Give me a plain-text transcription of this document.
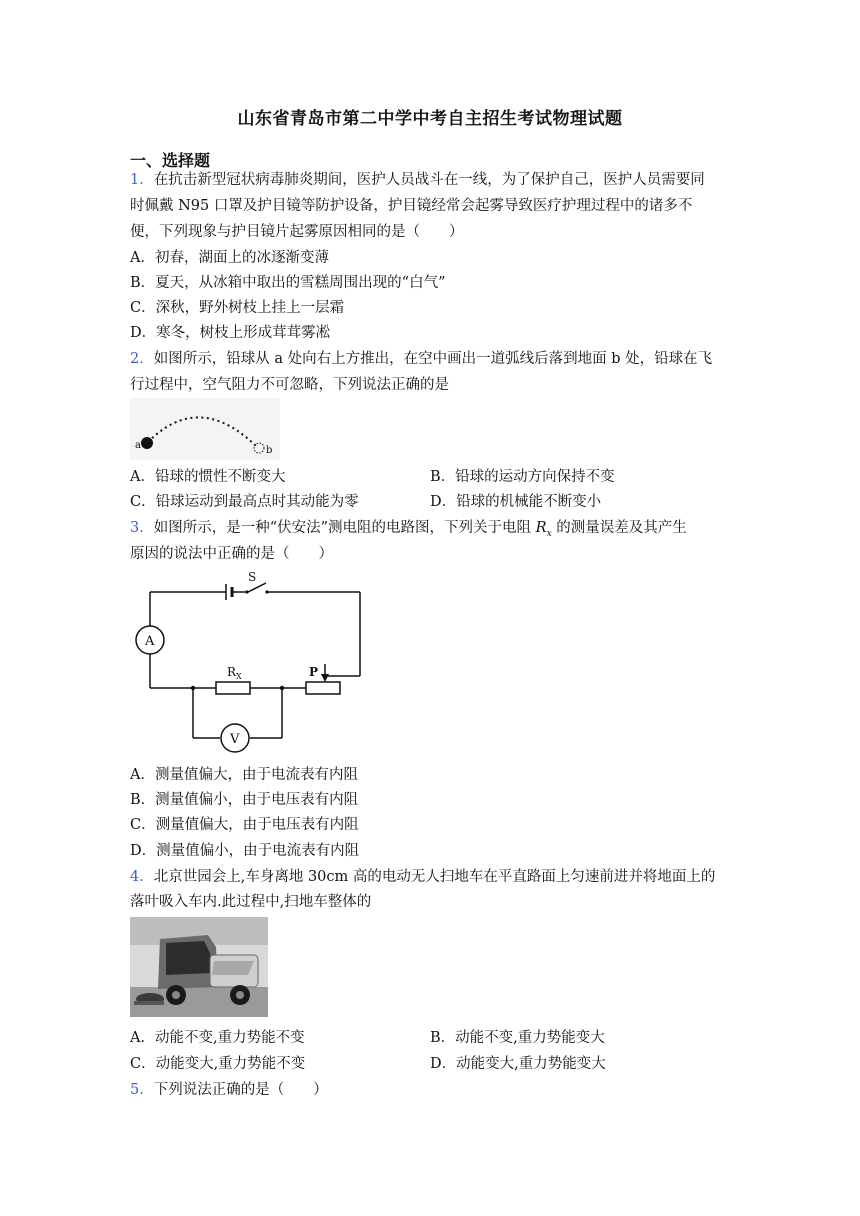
山东省青岛市第二中学中考自主招生考试物理试题
一、选择题
1．在抗击新型冠状病毒肺炎期间，医护人员战斗在一线，为了保护自己，医护人员需要同
时佩戴 N95 口罩及护目镜等防护设备，护目镜经常会起雾导致医疗护理过程中的诸多不
便，下列现象与护目镜片起雾原因相同的是（　　）
A．初春，湖面上的冰逐渐变薄
B．夏天，从冰箱中取出的雪糕周围出现的“白气”
C．深秋，野外树枝上挂上一层霜
D．寒冬，树枝上形成茸茸雾凇
2．如图所示，铅球从 a 处向右上方推出，在空中画出一道弧线后落到地面 b 处，铅球在飞
行过程中，空气阻力不可忽略，下列说法正确的是
a	b
A．铅球的惯性不断变大	B．铅球的运动方向保持不变
C．铅球运动到最高点时其动能为零	D．铅球的机械能不断变小
3．如图所示，是一种“伏安法”测电阻的电路图，下列关于电阻 $R_x$ 的测量误差及其产生
原因的说法中正确的是（　　）
S
A
$R_X$	P
V
A．测量值偏大，由于电流表有内阻
B．测量值偏小，由于电压表有内阻
C．测量值偏大，由于电压表有内阻
D．测量值偏小，由于电流表有内阻
4．北京世园会上,车身离地 30cm 高的电动无人扫地车在平直路面上匀速前进并将地面上的
落叶吸入车内.此过程中,扫地车整体的
A．动能不变,重力势能不变	B．动能不变,重力势能变大
C．动能变大,重力势能不变	D．动能变大,重力势能变大
5．下列说法正确的是（　　）
